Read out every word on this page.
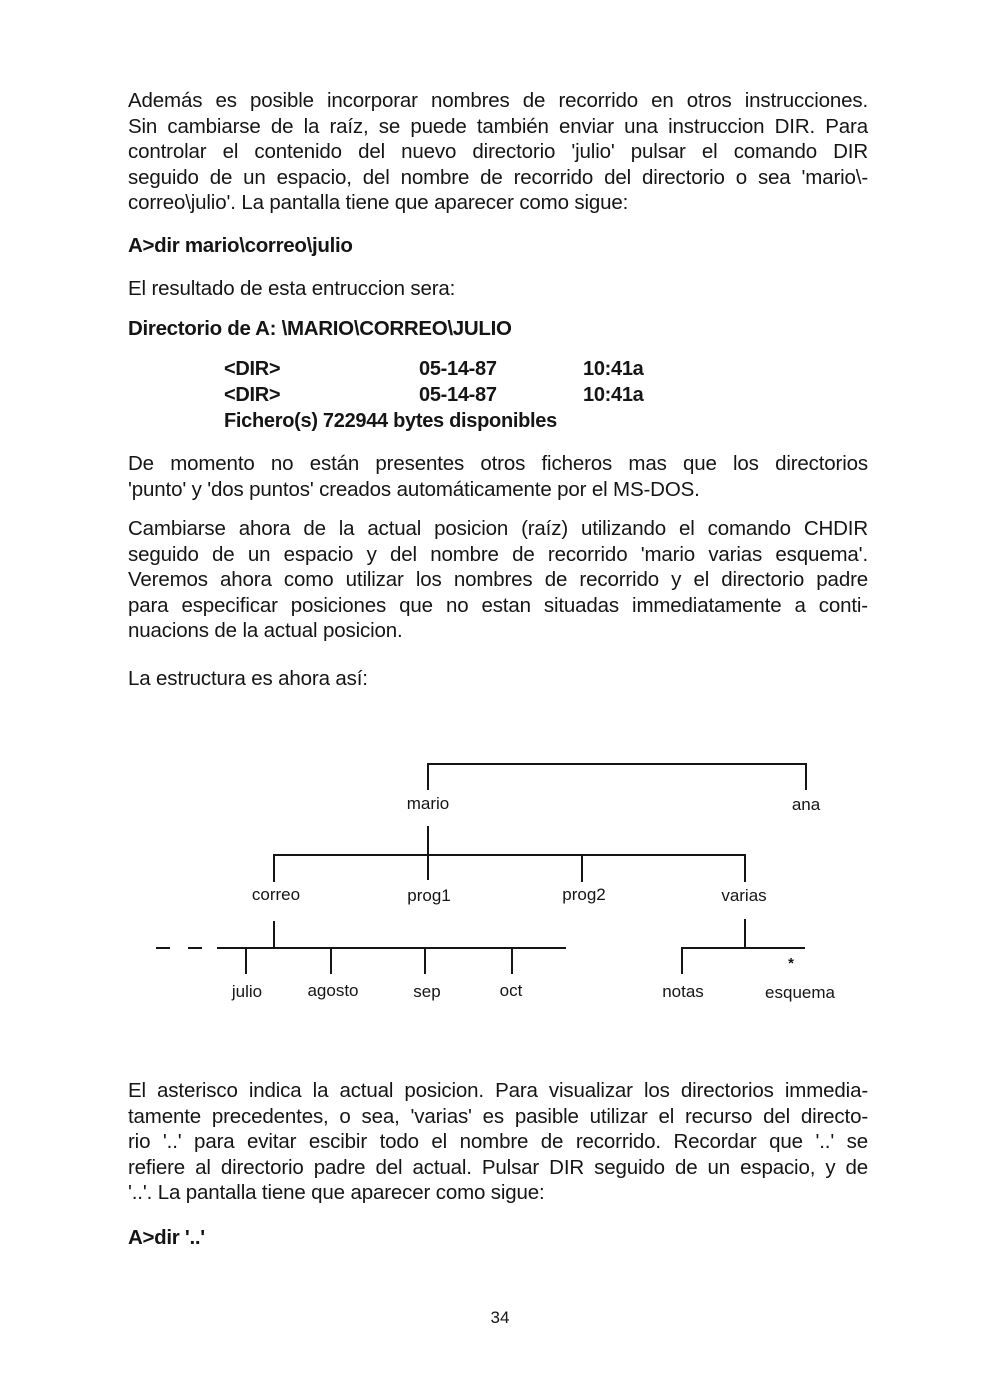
Además es posible incorporar nombres de recorrido en otros instrucciones.
Sin cambiarse de la raíz, se puede también enviar una instruccion DIR. Para
controlar el contenido del nuevo directorio 'julio' pulsar el comando DIR
seguido de un espacio, del nombre de recorrido del directorio o sea 'mario\-
correo\julio'. La pantalla tiene que aparecer como sigue:

A>dir mario\correo\julio

El resultado de esta entruccion sera:

Directorio de A: \MARIO\CORREO\JULIO

<DIR>	05-14-87	10:41a
<DIR>	05-14-87	10:41a
Fichero(s) 722944 bytes disponibles

De momento no están presentes otros ficheros mas que los directorios
'punto' y 'dos puntos' creados automáticamente por el MS-DOS.

Cambiarse ahora de la actual posicion (raíz) utilizando el comando CHDIR
seguido de un espacio y del nombre de recorrido 'mario varias esquema'.
Veremos ahora como utilizar los nombres de recorrido y el directorio padre
para especificar posiciones que no estan situadas immediatamente a conti-
nuacions de la actual posicion.

La estructura es ahora así:

mario	ana
correo	prog1	prog2	varias
julio	agosto	sep	oct	notas	esquema
*

El asterisco indica la actual posicion. Para visualizar los directorios immedia-
tamente precedentes, o sea, 'varias' es pasible utilizar el recurso del directo-
rio '..' para evitar escibir todo el nombre de recorrido. Recordar que '..' se
refiere al directorio padre del actual. Pulsar DIR seguido de un espacio, y de
'..'. La pantalla tiene que aparecer como sigue:

A>dir '..'

34
